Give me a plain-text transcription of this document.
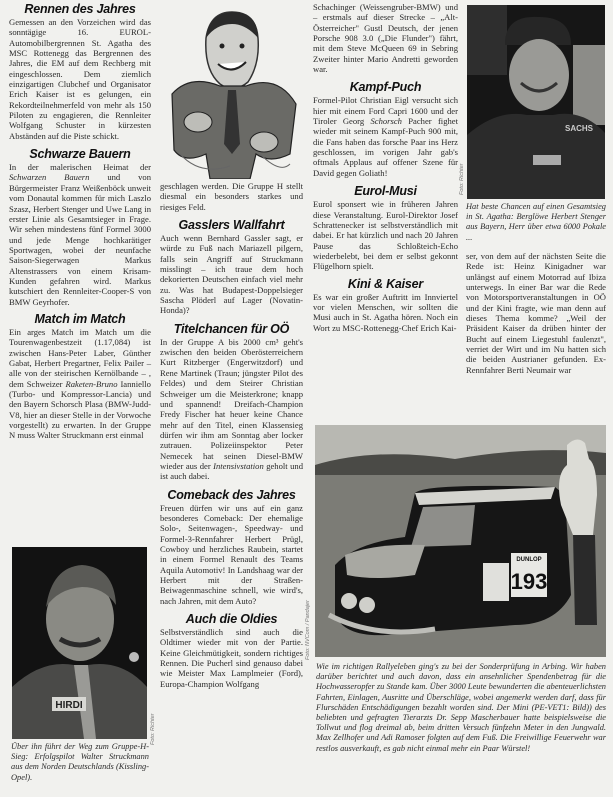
Rennen des Jahres

Gemessen an den Vorzeichen wird das sonntägige 16. EUROL-Automobilbergrennen St. Agatha des MSC Rottenegg das Bergrennen des Jahres, die EM auf dem Rechberg mit eingeschlossen. Dem ziemlich einzigartigen Clubchef und Organisator Erich Kaiser ist es gelungen, ein Rekordteilnehmerfeld von mehr als 150 Piloten zu engagieren, die Rennleiter Wolfgang Schuster in kürzesten Abständen auf die Piste schickt.

Schwarze Bauern

In der malerischen Heimat der Schwarzen Bauern und von Bürgermeister Franz Weißenböck unweit vom Donautal kommen für mich Laszlo Szasz, Herbert Stenger und Uwe Lang in erster Linie als Gesamtsieger in Frage. Wir sehen mindestens fünf Formel 3000 und jede Menge hochkarätiger Sportwagen, wobei der neunfache Saison-Siegerwagen Markus Altenstrassers von einem Krisam-Kunden gefahren wird. Markus kutschiert den Rennleiter-Cooper-S von BMW Geyrhofer.

Match im Match

Ein arges Match im Match um die Tourenwagenbestzeit (1.17,084) ist zwischen Hans-Peter Laber, Günther Gabat, Herbert Pregartner, Felix Pailer – alle von der steirischen Kernölbande – , dem Schweizer Raketen-Bruno Ianniello (Turbo- und Kompressor-Lancia) und den Bayern Schorsch Plasa (BMW-Judd-V8, hier an dieser Stelle in der Vorwoche vorgestellt) zu erwarten. In der Gruppe N muss Walter Struckmann erst einmal

HIRDI
Foto: Richter

Über ihn führt der Weg zum Gruppe-H-Sieg: Erfolgspilot Walter Struckmann aus dem Norden Deutschlands (Kissling-Opel).

geschlagen werden. Die Gruppe H stellt diesmal ein besonders starkes und riesiges Feld.

Gasslers Wallfahrt

Auch wenn Bernhard Gassler sagt, er würde zu Fuß nach Mariazell pilgern, falls sein Angriff auf Struckmann misslingt – ich traue dem hoch dekorierten Deutschen einfach viel mehr zu. Was hat Budapest-Doppelsieger Sascha Plöderl auf Lager (Novatin-Honda)?

Titelchancen für OÖ

In der Gruppe A bis 2000 cm³ geht's zwischen den beiden Oberösterreichern Kurt Ritzberger (Engerwitzdorf) und Rene Martinek (Traun; jüngster Pilot des Feldes) und dem Steirer Christian Schweiger um die Meisterkrone; knapp und spannend! Dreifach-Champion Fredy Fischer hat heuer keine Chance mehr auf den Titel, einen Klassensieg dürfen wir ihm am Sonntag aber locker zutrauen. Polizeiinspektor Peter Nemecek hat seinen Diesel-BMW wieder aus der Intensivstation geholt und ist auch dabei.

Comeback des Jahres

Freuen dürfen wir uns auf ein ganz besonderes Comeback: Der ehemalige Solo-, Seitenwagen-, Speedway- und Formel-3-Rennfahrer Herbert Prügl, Cowboy und herzliches Raubein, startet in einem Formel Renault des Teams Aquila Automotiv! In Landshaag war der Herbert mit der Straßen-Beiwagenmaschine schnell, wie wird's, nach Jahren, mit dem Auto?

Auch die Oldies

Selbstverständlich sind auch die Oldtimer wieder mit von der Partie. Keine Gleichmütigkeit, sondern richtiges Rennen. Die Pucherl sind genauso dabei wie Meister Max Lamplmeier (Ford), Europa-Champion Wolfgang

Schachinger (Weissengruber-BMW) und – erstmals auf dieser Strecke – „Alt-Österreicher" Gustl Deutsch, der jenen Porsche 908 3.0 („Die Flunder") fährt, mit dem Steve McQueen 69 in Sebring Zweiter hinter Mario Andretti geworden war.

Kampf-Puch

Formel-Pilot Christian Eigl versucht sich hier mit einem Ford Capri 1600 und der Tiroler Georg Schorsch Pacher fighet wieder mit seinem Kampf-Puch 900 mit, die Fans haben das forsche Paar ins Herz geschlossen, im vorigen Jahr gab's oftmals Applaus auf offener Szene für David gegen Goliath!

Eurol-Musi

Eurol sponsert wie in früheren Jahren diese Veranstaltung. Eurol-Direktor Josef Schrattenecker ist selbstverständlich mit dabei. Er hat kürzlich und nach 20 Jahren Pause das Schloßteich-Echo wiederbelebt, bei dem er selbst gekonnt Flügelhorn spielt.

Kini & Kaiser

Es war ein großer Auftritt im Innviertel vor vielen Menschen, wir sollten die Musi auch in St. Agatha hören. Noch ein Wort zu MSC-Rottenegg-Chef Erich Kai-

SACHS
Foto: Richter

Hat beste Chancen auf einen Gesamtsieg in St. Agatha: Berglöwe Herbert Stenger aus Bayern, Herr über etwa 6000 Pokale ...

ser, von dem auf der nächsten Seite die Rede ist: Heinz Kinigadner war unlängst auf einem Motorrad auf Ibiza unterwegs. In einer Bar war die Rede von Motorsportveranstaltungen in OÖ und der Kini fragte, wie man denn auf dieses Thema komme? „Weil der Präsident Kaiser da drüben hinter der Bucht auf einem Liegestuhl faulenzt", verriet der Wirt und im Nu hatten sich die beiden Austrianer gefunden. Ex-Rennfahrer Berti Neumair war

DUNLOP
193
Foto: NVCom / Pandajer

Wie im richtigen Rallyeleben ging's zu bei der Sonderprüfung in Arbing. Wir haben darüber berichtet und auch davon, dass ein ansehnlicher Spendenbetrag für die Hochwasseropfer zu Stande kam. Über 3000 Leute bewunderten die abenteuerlichsten Fahrten, Einlagen, Ausritte und Überschläge, wobei angemerkt werden darf, dass für Flurschäden Entschädigungen bezahlt worden sind. Der Mini (PE-VET1: Bild)) des beliebten und gefragten Tierarzts Dr. Sepp Mascherbauer hatte beispielsweise die Tollwut und flog dreimal ab, beim dritten Versuch fünfzehn Meter in den Jungwald. Max Zellhofer und Adi Ramoser folgten auf dem Fuß. Die Freiwillige Feuerwehr war restlos ausverkauft, es gab nicht einmal mehr ein Paar Würstel!
